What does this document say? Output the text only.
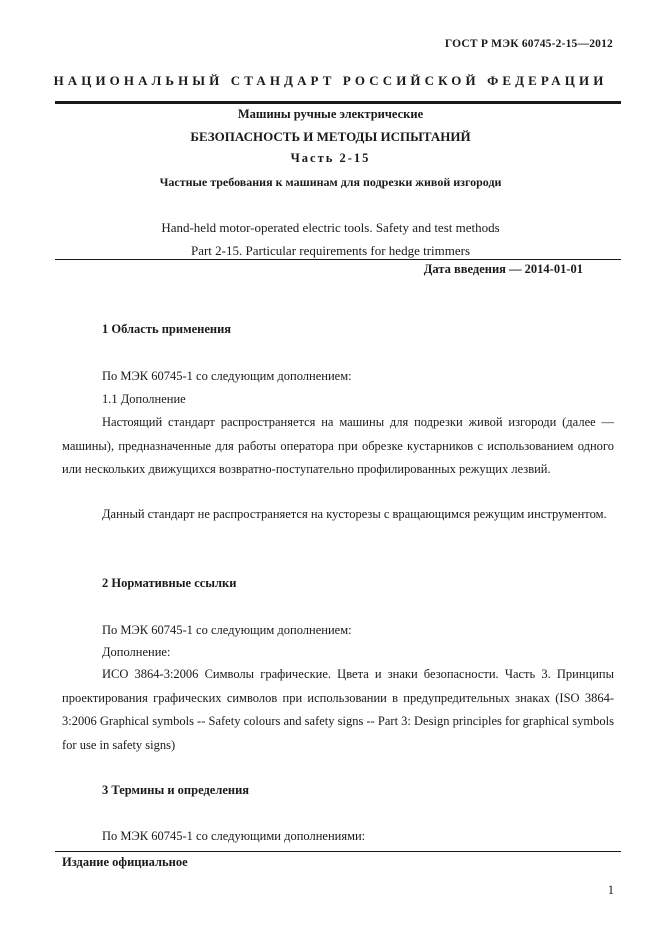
ГОСТ Р МЭК 60745-2-15—2012
НАЦИОНАЛЬНЫЙ СТАНДАРТ РОССИЙСКОЙ ФЕДЕРАЦИИ
Машины ручные электрические
БЕЗОПАСНОСТЬ И МЕТОДЫ ИСПЫТАНИЙ
Часть 2-15
Частные требования к машинам для подрезки живой изгороди
Hand-held motor-operated electric tools. Safety and test methods
Part 2-15. Particular requirements for hedge trimmers
Дата введения — 2014-01-01
1 Область применения
По МЭК 60745-1 со следующим дополнением:
1.1 Дополнение
Настоящий стандарт распространяется на машины для подрезки живой изгороди (далее — машины), предназначенные для работы оператора при обрезке кустарников с использованием одного или нескольких движущихся возвратно-поступательно профилированных режущих лезвий.
Данный стандарт не распространяется на кусторезы с вращающимся режущим инструментом.
2 Нормативные ссылки
По МЭК 60745-1 со следующим дополнением:
Дополнение:
ИСО 3864-3:2006 Символы графические. Цвета и знаки безопасности. Часть 3. Принципы проектирования графических символов при использовании в предупредительных знаках (ISO 3864-3:2006 Graphical symbols -- Safety colours and safety signs -- Part 3: Design principles for graphical symbols for use in safety signs)
3 Термины и определения
По МЭК 60745-1 со следующими дополнениями:
Издание официальное
1
